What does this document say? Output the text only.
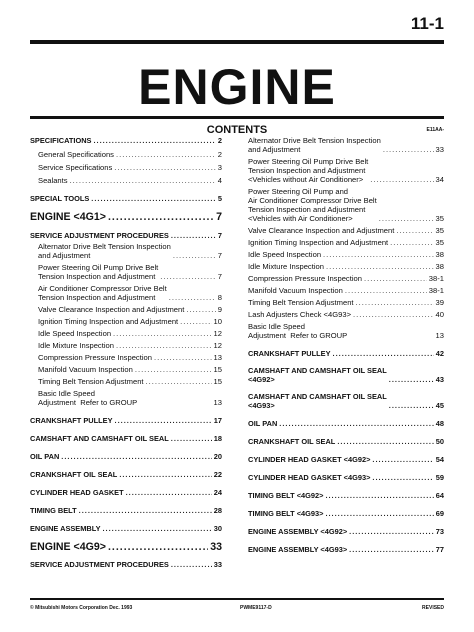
11-1
ENGINE
CONTENTS	E11AA-
SPECIFICATIONS .....	2
General Specifications .....	2
Service Specifications .....	3
Sealants .....	4
SPECIAL TOOLS .....	5
ENGINE <4G1> .....	7
SERVICE ADJUSTMENT PROCEDURES .....	7
Alternator Drive Belt Tension Inspection
and Adjustment .....	7
Power Steering Oil Pump Drive Belt
Tension Inspection and Adjustment .....	7
Air Conditioner Compressor Drive Belt
Tension Inspection and Adjustment .....	8
Valve Clearance Inspection and Adjustment .....	9
Ignition Timing Inspection and Adjustment .....	10
Idle Speed Inspection .....	12
Idle Mixture Inspection .....	12
Compression Pressure Inspection .....	13
Manifold Vacuum Inspection .....	15
Timing Belt Tension Adjustment .....	15
Basic Idle Speed
Adjustment  Refer to GROUP	13
CRANKSHAFT PULLEY .....	17
CAMSHAFT AND CAMSHAFT OIL SEAL .....	18
OIL PAN .....	20
CRANKSHAFT OIL SEAL .....	22
CYLINDER HEAD GASKET .....	24
TIMING BELT .....	28
ENGINE ASSEMBLY .....	30
ENGINE <4G9> .....	33
SERVICE ADJUSTMENT PROCEDURES .....	33
Alternator Drive Belt Tension Inspection
and Adjustment .....	33
Power Steering Oil Pump Drive Belt
Tension Inspection and Adjustment
<Vehicles without Air Conditioner> .....	34
Power Steering Oil Pump and
Air Conditioner Compressor Drive Belt
Tension Inspection and Adjustment
<Vehicles with Air Conditioner> .....	35
Valve Clearance Inspection and Adjustment .....	35
Ignition Timing Inspection and Adjustment .....	35
Idle Speed Inspection .....	38
Idle Mixture Inspection .....	38
Compression Pressure Inspection .....	38-1
Manifold Vacuum Inspection .....	38-1
Timing Belt Tension Adjustment .....	39
Lash Adjusters Check <4G93> .....	40
Basic Idle Speed
Adjustment  Refer to GROUP	13
CRANKSHAFT PULLEY .....	42
CAMSHAFT AND CAMSHAFT OIL SEAL
<4G92> .....	43
CAMSHAFT AND CAMSHAFT OIL SEAL
<4G93> .....	45
OIL PAN .....	48
CRANKSHAFT OIL SEAL .....	50
CYLINDER HEAD GASKET <4G92> .....	54
CYLINDER HEAD GASKET <4G93> .....	59
TIMING BELT <4G92> .....	64
TIMING BELT <4G93> .....	69
ENGINE ASSEMBLY <4G92> .....	73
ENGINE ASSEMBLY <4G93> .....	77
© Mitsubishi Motors Corporation Dec. 1993	PWME9117-D	REVISED
